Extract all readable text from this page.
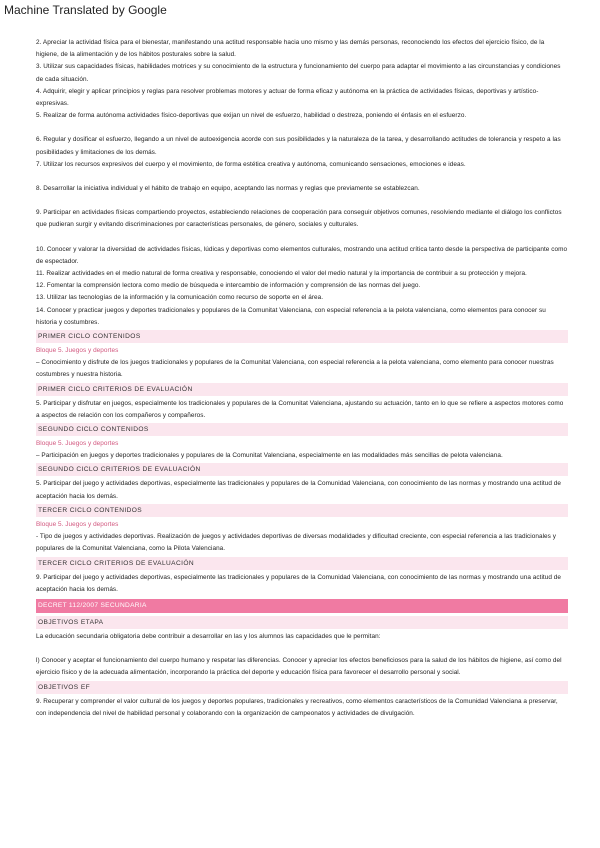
Machine Translated by Google

2. Apreciar la actividad física para el bienestar, manifestando una actitud responsable hacia uno mismo y las demás personas, reconociendo los efectos del ejercicio físico, de la higiene, de la alimentación y de los hábitos posturales sobre la salud.

3. Utilizar sus capacidades físicas, habilidades motrices y su conocimiento de la estructura y funcionamiento del cuerpo para adaptar el movimiento a las circunstancias y condiciones de cada situación.

4. Adquirir, elegir y aplicar principios y reglas para resolver problemas motores y actuar de forma eficaz y autónoma en la práctica de actividades físicas, deportivas y artístico-expresivas.

5. Realizar de forma autónoma actividades físico-deportivas que exijan un nivel de esfuerzo, habilidad o destreza, poniendo el énfasis en el esfuerzo.

6. Regular y dosificar el esfuerzo, llegando a un nivel de autoexigencia acorde con sus posibilidades y la naturaleza de la tarea, y desarrollando actitudes de tolerancia y respeto a las posibilidades y limitaciones de los demás.

7. Utilizar los recursos expresivos del cuerpo y el movimiento, de forma estética creativa y autónoma, comunicando sensaciones, emociones e ideas.

8. Desarrollar la iniciativa individual y el hábito de trabajo en equipo, aceptando las normas y reglas que previamente se establezcan.

9. Participar en actividades físicas compartiendo proyectos, estableciendo relaciones de cooperación para conseguir objetivos comunes, resolviendo mediante el diálogo los conflictos que pudieran surgir y evitando discriminaciones por características personales, de género, sociales y culturales.

10. Conocer y valorar la diversidad de actividades físicas, lúdicas y deportivas como elementos culturales, mostrando una actitud crítica tanto desde la perspectiva de participante como de espectador.

11. Realizar actividades en el medio natural de forma creativa y responsable, conociendo el valor del medio natural y la importancia de contribuir a su protección y mejora.

12. Fomentar la comprensión lectora como medio de búsqueda e intercambio de información y comprensión de las normas del juego.

13. Utilizar las tecnologías de la información y la comunicación como recurso de soporte en el área.

14. Conocer y practicar juegos y deportes tradicionales y populares de la Comunitat Valenciana, con especial referencia a la pelota valenciana, como elementos para conocer su historia y costumbres.

PRIMER CICLO CONTENIDOS

Bloque 5. Juegos y deportes

– Conocimiento y disfrute de los juegos tradicionales y populares de la Comunitat Valenciana, con especial referencia a la pelota valenciana, como elemento para conocer nuestras costumbres y nuestra historia.

PRIMER CICLO CRITERIOS DE EVALUACIÓN

5. Participar y disfrutar en juegos, especialmente los tradicionales y populares de la Comunitat Valenciana, ajustando su actuación, tanto en lo que se refiere a aspectos motores como a aspectos de relación con los compañeros y compañeros.

SEGUNDO CICLO CONTENIDOS

Bloque 5. Juegos y deportes

– Participación en juegos y deportes tradicionales y populares de la Comunitat Valenciana, especialmente en las modalidades más sencillas de pelota valenciana.

SEGUNDO CICLO CRITERIOS DE EVALUACIÓN

5. Participar del juego y actividades deportivas, especialmente las tradicionales y populares de la Comunidad Valenciana, con conocimiento de las normas y mostrando una actitud de aceptación hacia los demás.

TERCER CICLO CONTENIDOS

Bloque 5. Juegos y deportes

- Tipo de juegos y actividades deportivas. Realización de juegos y actividades deportivas de diversas modalidades y dificultad creciente, con especial referencia a las tradicionales y populares de la Comunitat Valenciana, como la Pilota Valenciana.

TERCER CICLO CRITERIOS DE EVALUACIÓN

9. Participar del juego y actividades deportivas, especialmente las tradicionales y populares de la Comunidad Valenciana, con conocimiento de las normas y mostrando una actitud de aceptación hacia los demás.

DECRET 112/2007 SECUNDARIA
OBJETIVOS ETAPA

La educación secundaria obligatoria debe contribuir a desarrollar en las y los alumnos las capacidades que le permitan:

l) Conocer y aceptar el funcionamiento del cuerpo humano y respetar las diferencias. Conocer y apreciar los efectos beneficiosos para la salud de los hábitos de higiene, así como del ejercicio físico y de la adecuada alimentación, incorporando la práctica del deporte y educación física para favorecer el desarrollo personal y social.

OBJETIVOS EF

9. Recuperar y comprender el valor cultural de los juegos y deportes populares, tradicionales y recreativos, como elementos característicos de la Comunidad Valenciana a preservar, con independencia del nivel de habilidad personal y colaborando con la organización de campeonatos y actividades de divulgación.
